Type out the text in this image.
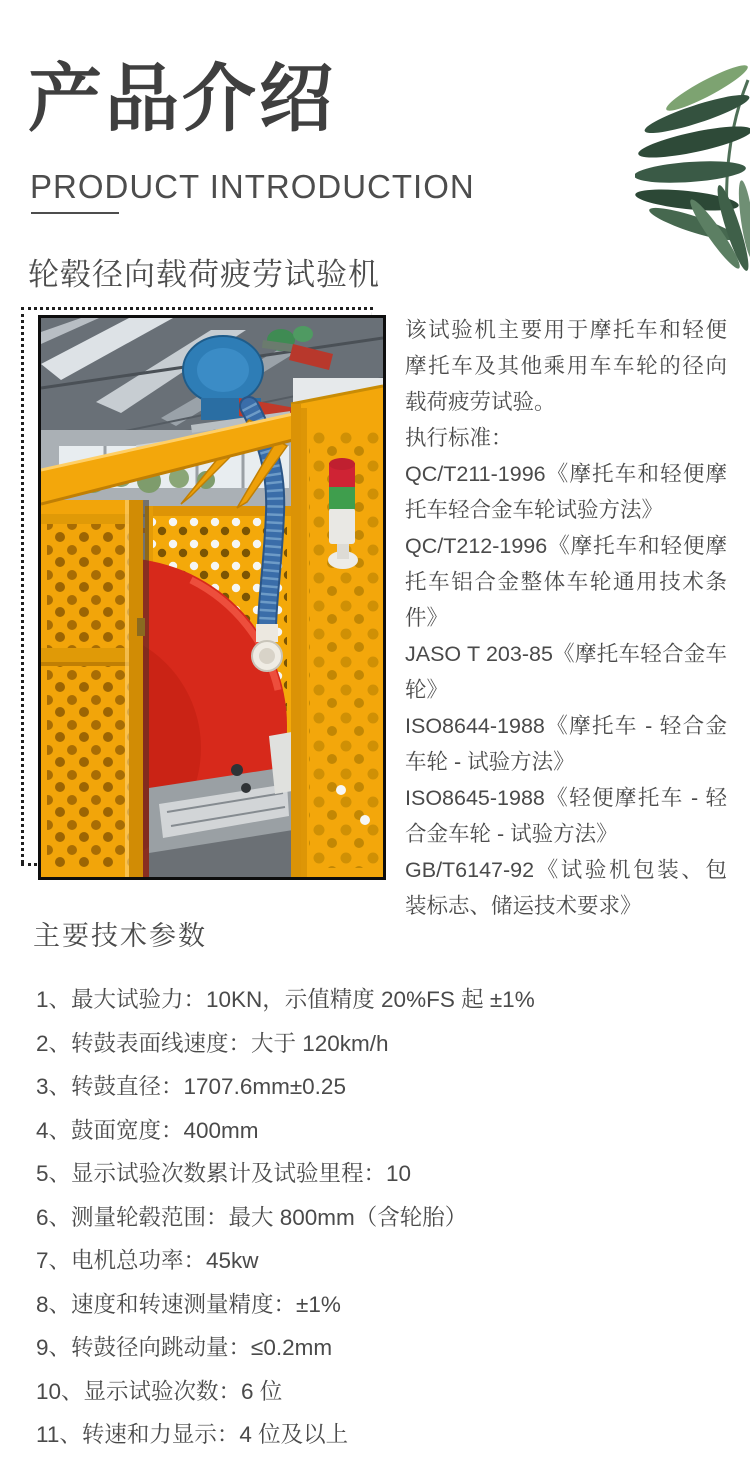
产品介绍
PRODUCT INTRODUCTION
轮毂径向载荷疲劳试验机
该试验机主要用于摩托车和轻便摩托车及其他乘用车车轮的径向载荷疲劳试验。
执行标准：
QC/T211-1996《摩托车和轻便摩托车轻合金车轮试验方法》
QC/T212-1996《摩托车和轻便摩托车铝合金整体车轮通用技术条件》
JASO T 203-85《摩托车轻合金车轮》
ISO8644-1988《摩托车 - 轻合金车轮 - 试验方法》
ISO8645-1988《轻便摩托车 - 轻合金车轮 - 试验方法》
GB/T6147-92《试验机包装、包装标志、储运技术要求》
主要技术参数
1、最大试验力：10KN，示值精度 20%FS 起 ±1%
2、转鼓表面线速度：大于 120km/h
3、转鼓直径：1707.6mm±0.25
4、鼓面宽度：400mm
5、显示试验次数累计及试验里程：10
6、测量轮毂范围：最大 800mm（含轮胎）
7、电机总功率：45kw
8、速度和转速测量精度：±1%
9、转鼓径向跳动量：≤0.2mm
10、显示试验次数：6 位
11、转速和力显示：4 位及以上
